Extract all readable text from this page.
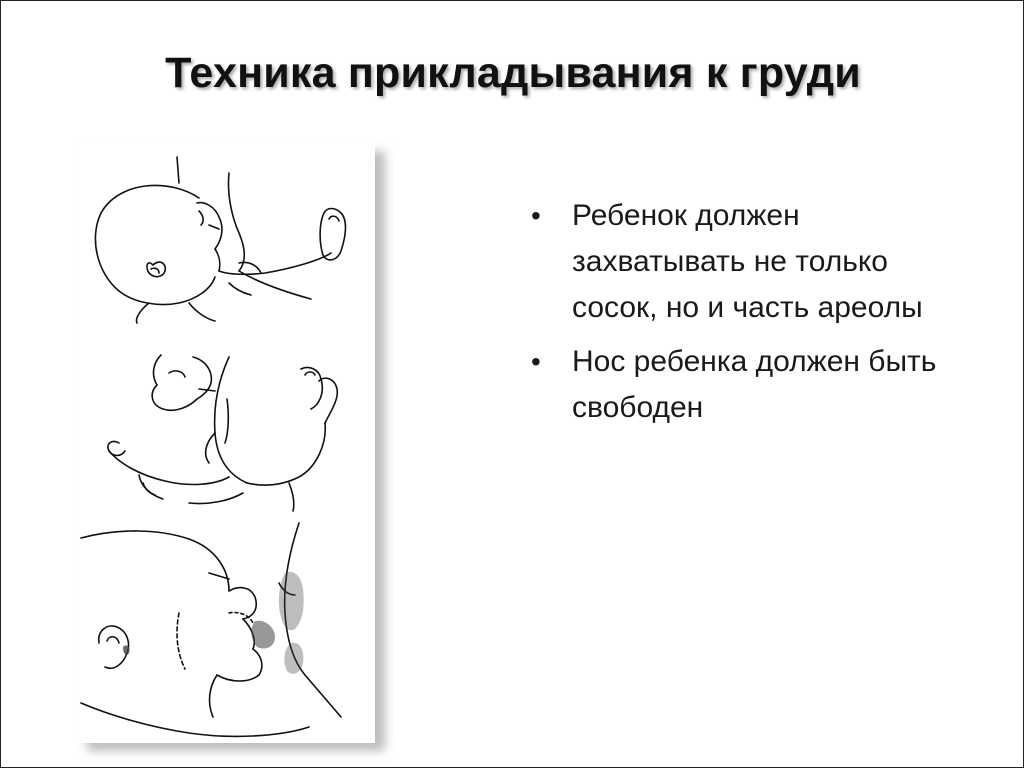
Техника прикладывания к груди
• Ребенок должен захватывать не только сосок, но и часть ареолы
• Нос ребенка должен быть свободен
